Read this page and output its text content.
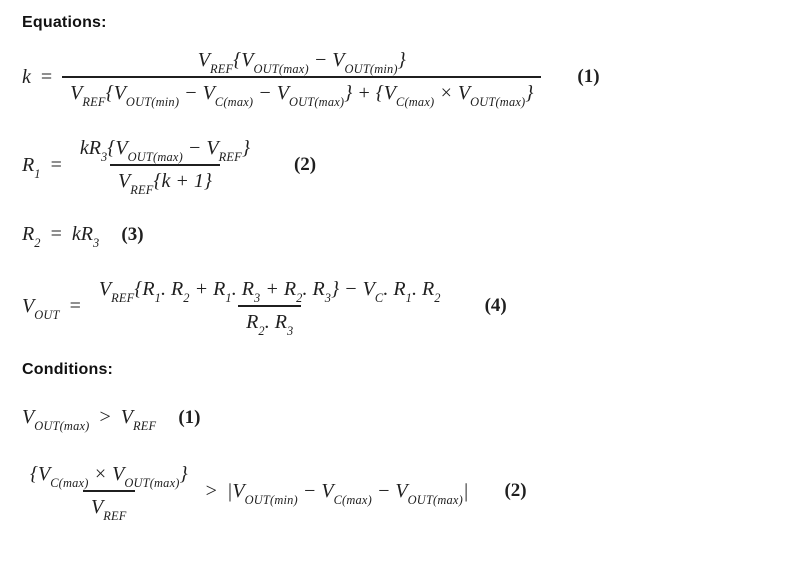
Equations:
k =
$V_{REF}\{V_{OUT(max)} - V_{OUT(min)}\}$
$V_{REF}\{V_{OUT(min)} - V_{C(max)} - V_{OUT(max)}\} + \{V_{C(max)} \times V_{OUT(max)}\}$
(1)
$R_1 = \frac{kR_3\{V_{OUT(max)} - V_{REF}\}}{V_{REF}\{k + 1\}} (2)$
$R_2 = kR_3$ (3)
$V_{OUT} = \frac{V_{REF}\{R_1. R_2 + R_1. R_3 + R_2. R_3\} - V_C. R_1. R_2}{R_2. R_3} (4)$
Conditions:
$V_{OUT(max)} > V_{REF}$ (1)
$\frac{\{V_{C(max)} \times V_{OUT(max)}\}}{V_{REF}} > |V_{OUT(min)} - V_{C(max)} - V_{OUT(max)}|$ (2)
